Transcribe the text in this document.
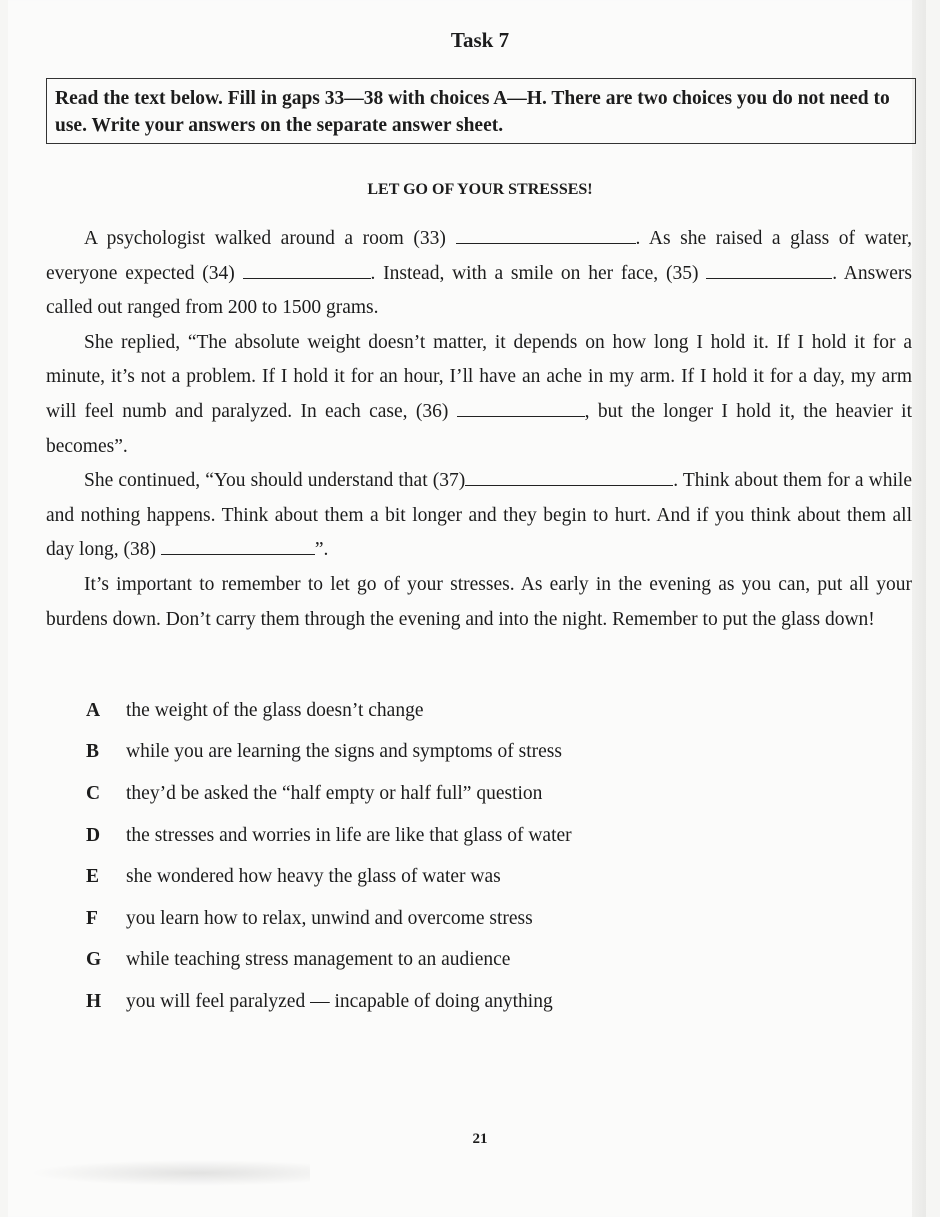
Task 7
Read the text below. Fill in gaps 33—38 with choices A—H. There are two choices you do not need to use. Write your answers on the separate answer sheet.
LET GO OF YOUR STRESSES!

A psychologist walked around a room (33)	. As she raised a glass of water, everyone expected (34)	. Instead, with a smile on her face, (35)	. Answers called out ranged from 200 to 1500 grams.

She replied, “The absolute weight doesn’t matter, it depends on how long I hold it. If I hold it for a minute, it’s not a problem. If I hold it for an hour, I’ll have an ache in my arm. If I hold it for a day, my arm will feel numb and paralyzed. In each case, (36)	, but the longer I hold it, the heavier it becomes”.

She continued, “You should understand that (37)	. Think about them for a while and nothing happens. Think about them a bit longer and they begin to hurt. And if you think about them all day long, (38)	”.

It’s important to remember to let go of your stresses. As early in the evening as you can, put all your burdens down. Don’t carry them through the evening and into the night. Remember to put the glass down!

A	the weight of the glass doesn’t change
B	while you are learning the signs and symptoms of stress
C	they’d be asked the “half empty or half full” question
D	the stresses and worries in life are like that glass of water
E	she wondered how heavy the glass of water was
F	you learn how to relax, unwind and overcome stress
G	while teaching stress management to an audience
H	you will feel paralyzed — incapable of doing anything
21
